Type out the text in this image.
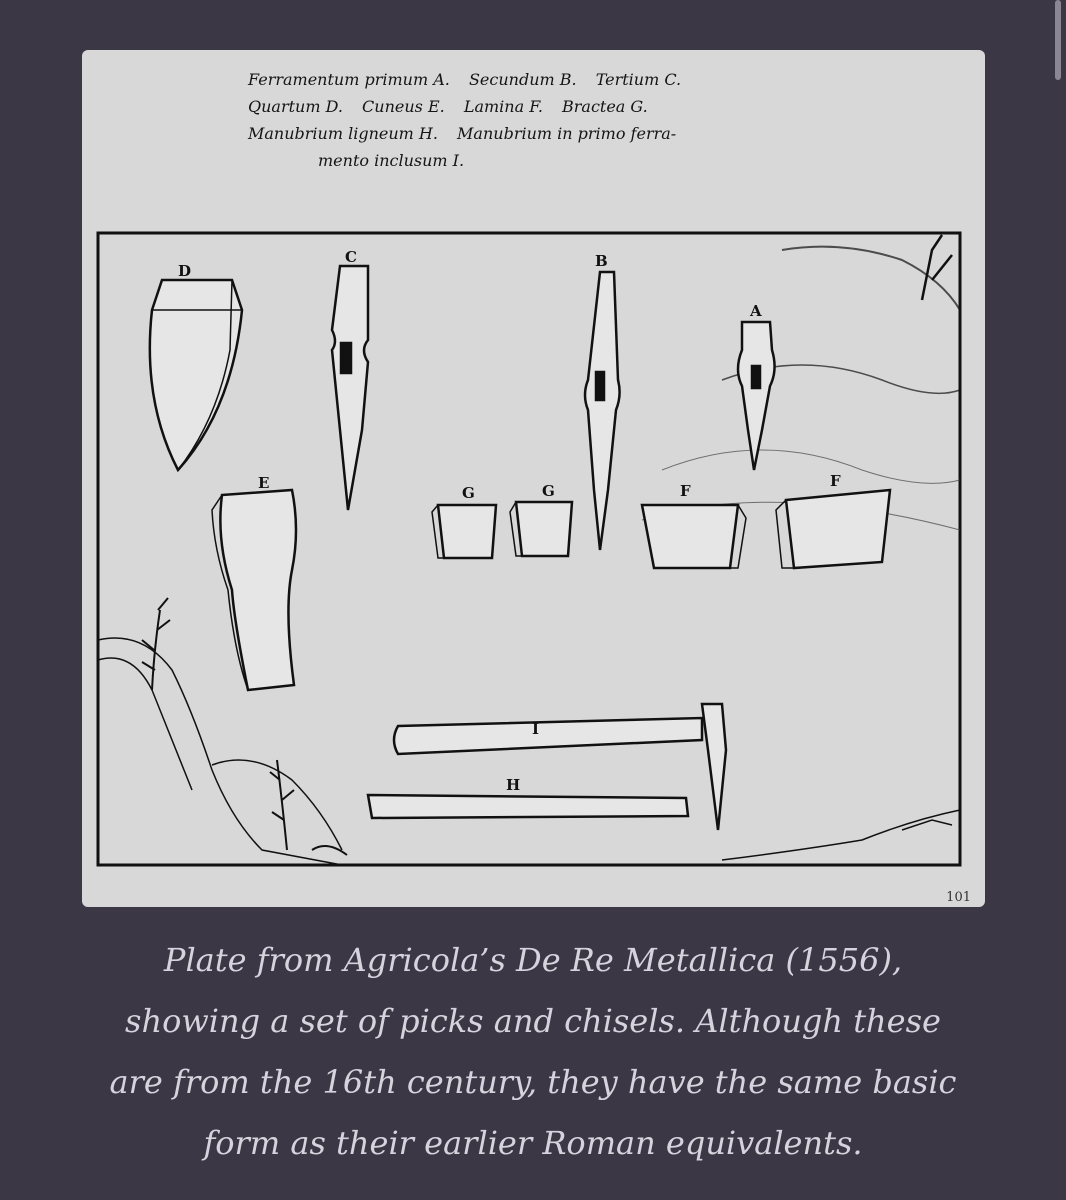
D
C	B
A
E
G	G	F
F
I
H
Ferramentum primum A. Secundum B. Tertium C.
Quartum D. Cuneus E. Lamina F. Bractea G.
Manubrium ligneum H. Manubrium in primo ferra-
mento inclusum I.
101
Plate from Agricola’s De Re Metallica (1556),
showing a set of picks and chisels. Although these
are from the 16th century, they have the same basic
form as their earlier Roman equivalents.
